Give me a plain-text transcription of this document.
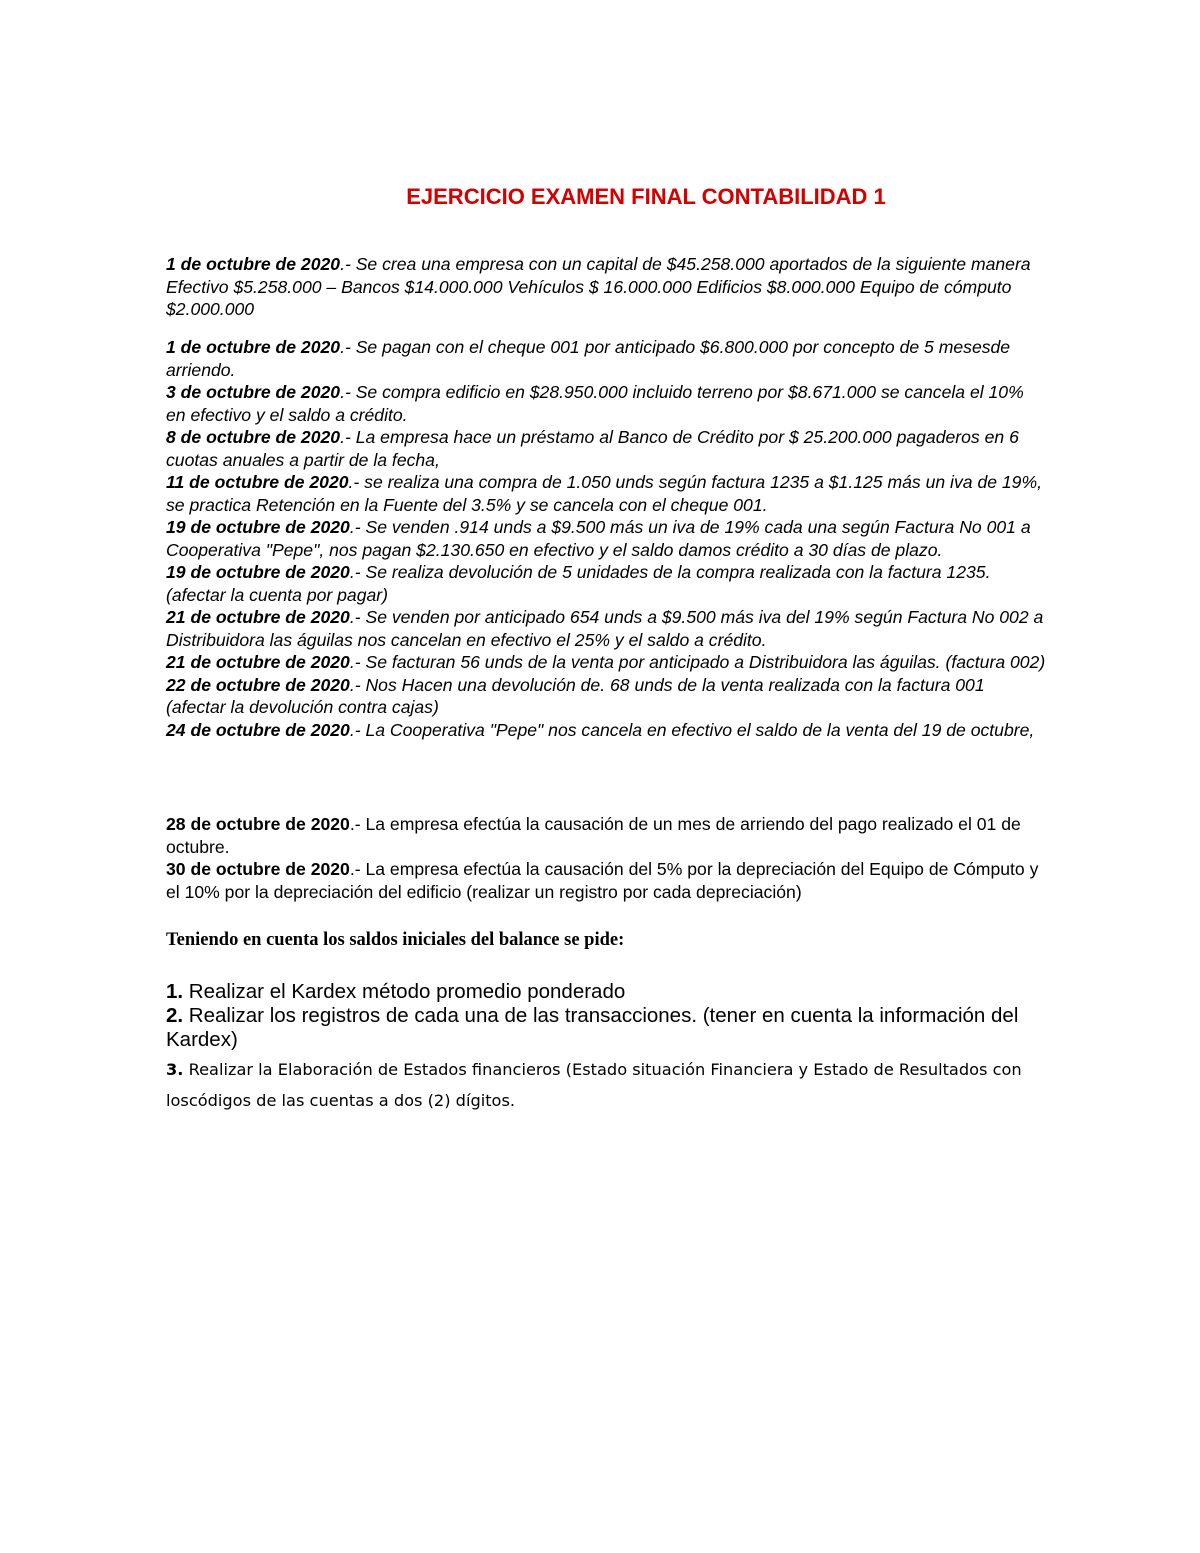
EJERCICIO EXAMEN FINAL CONTABILIDAD 1

1 de octubre de 2020.- Se crea una empresa con un capital de $45.258.000 aportados de la siguiente manera Efectivo $5.258.000 – Bancos $14.000.000 Vehículos $ 16.000.000 Edificios $8.000.000 Equipo de cómputo $2.000.000

1 de octubre de 2020.- Se pagan con el cheque 001 por anticipado $6.800.000 por concepto de 5 mesesde arriendo.

3 de octubre de 2020.- Se compra edificio en $28.950.000 incluido terreno por $8.671.000 se cancela el 10% en efectivo y el saldo a crédito.

8 de octubre de 2020.- La empresa hace un préstamo al Banco de Crédito por $ 25.200.000 pagaderos en 6 cuotas anuales a partir de la fecha,

11 de octubre de 2020.- se realiza una compra de 1.050 unds según factura 1235 a $1.125 más un iva de 19%, se practica Retención en la Fuente del 3.5% y se cancela con el cheque 001.

19 de octubre de 2020.- Se venden .914 unds a $9.500 más un iva de 19% cada una según Factura No 001 a Cooperativa "Pepe", nos pagan $2.130.650 en efectivo y el saldo damos crédito a 30 días de plazo.

19 de octubre de 2020.- Se realiza devolución de 5 unidades de la compra realizada con la factura 1235. (afectar la cuenta por pagar)

21 de octubre de 2020.- Se venden por anticipado 654 unds a $9.500 más iva del 19% según Factura No 002 a Distribuidora las águilas nos cancelan en efectivo el 25% y el saldo a crédito.

21 de octubre de 2020.- Se facturan 56 unds de la venta por anticipado a Distribuidora las águilas. (factura 002)

22 de octubre de 2020.- Nos Hacen una devolución de. 68 unds de la venta realizada con la factura 001 (afectar la devolución contra cajas)

24 de octubre de 2020.- La Cooperativa "Pepe" nos cancela en efectivo el saldo de la venta del 19 de octubre,

28 de octubre de 2020.- La empresa efectúa la causación de un mes de arriendo del pago realizado el 01 de octubre.

30 de octubre de 2020.- La empresa efectúa la causación del 5% por la depreciación del Equipo de Cómputo y el 10% por la depreciación del edificio (realizar un registro por cada depreciación)

Teniendo en cuenta los saldos iniciales del balance se pide:

1. Realizar el Kardex método promedio ponderado

2. Realizar los registros de cada una de las transacciones. (tener en cuenta la información del Kardex)

3. Realizar la Elaboración de Estados financieros (Estado situación Financiera y Estado de Resultados con loscódigos de las cuentas a dos (2) dígitos.
